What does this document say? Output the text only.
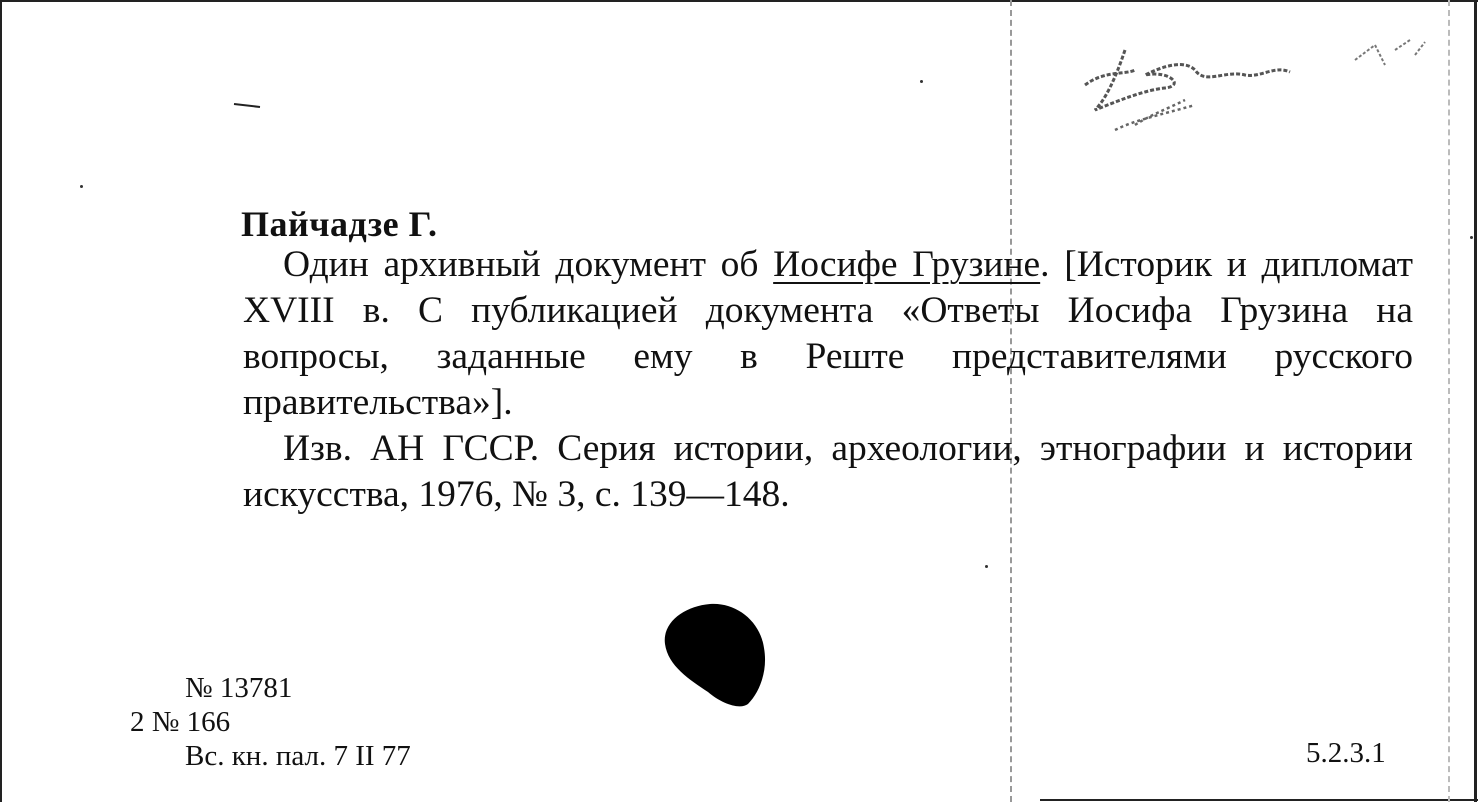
Пайчадзе Г.

Один архивный документ об Иосифе Грузине. [Историк и дипломат XVIII в. С публикацией документа «Ответы Иосифа Грузина на вопросы, заданные ему в Реште представителями русского правительства»].

Изв. АН ГССР. Серия истории, археологии, этнографии и истории искусства, 1976, № 3, с. 139—148.

№ 13781
2 № 166
Вс. кн. пал. 7 II 77	5.2.3.1
